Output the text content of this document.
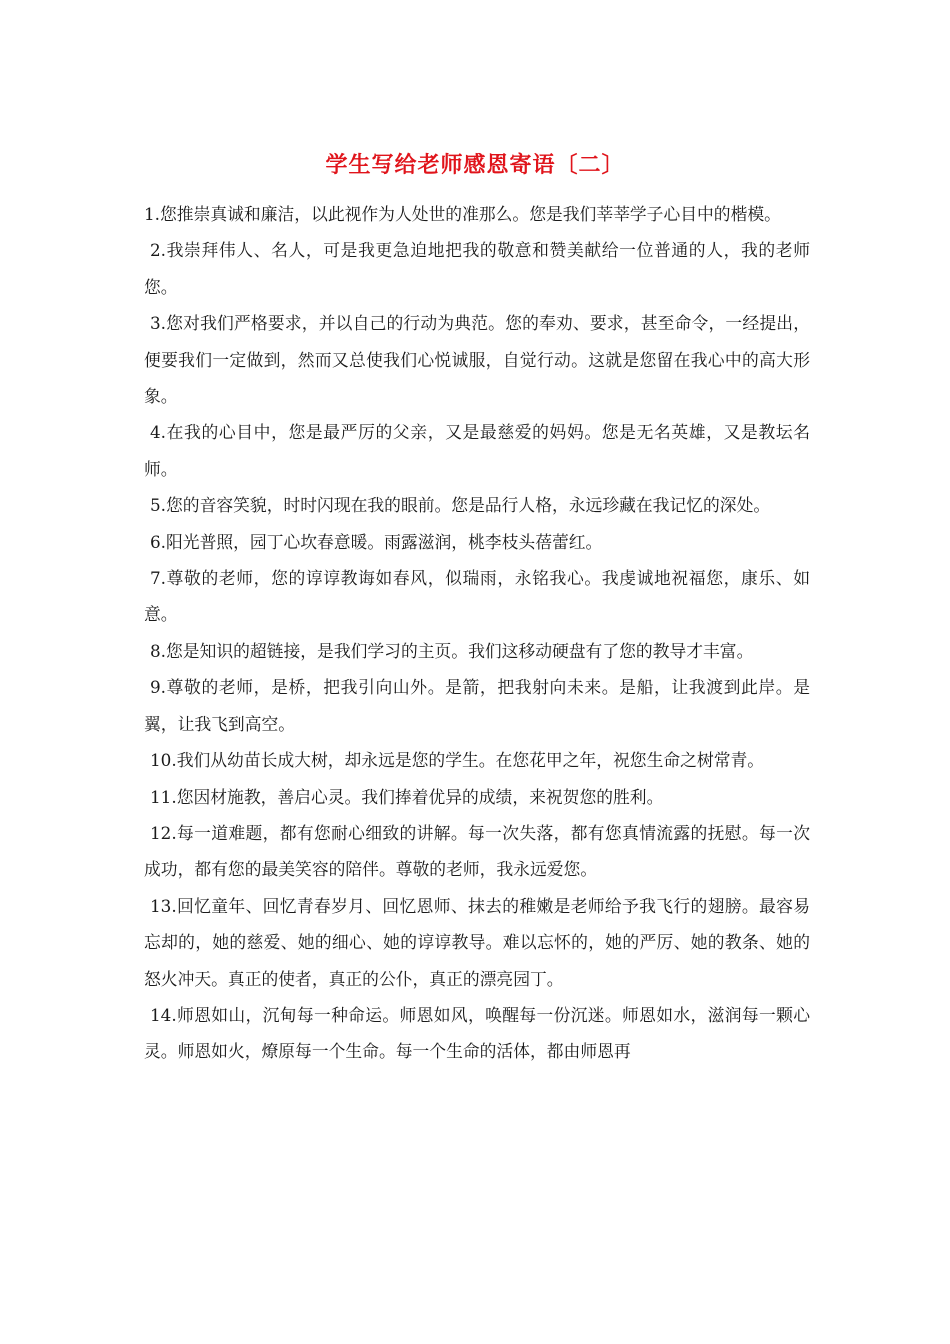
学生写给老师感恩寄语〔二〕

1.您推崇真诚和廉洁，以此视作为人处世的准那么。您是我们莘莘学子心目中的楷模。

2.我崇拜伟人、名人，可是我更急迫地把我的敬意和赞美献给一位普通的人，我的老师您。

3.您对我们严格要求，并以自己的行动为典范。您的奉劝、要求，甚至命令，一经提出，便要我们一定做到，然而又总使我们心悦诚服，自觉行动。这就是您留在我心中的高大形象。

4.在我的心目中，您是最严厉的父亲，又是最慈爱的妈妈。您是无名英雄，又是教坛名师。

5.您的音容笑貌，时时闪现在我的眼前。您是品行人格，永远珍藏在我记忆的深处。

6.阳光普照，园丁心坎春意暖。雨露滋润，桃李枝头蓓蕾红。

7.尊敬的老师，您的谆谆教诲如春风，似瑞雨，永铭我心。我虔诚地祝福您，康乐、如意。

8.您是知识的超链接，是我们学习的主页。我们这移动硬盘有了您的教导才丰富。

9.尊敬的老师，是桥，把我引向山外。是箭，把我射向未来。是船，让我渡到此岸。是翼，让我飞到高空。

10.我们从幼苗长成大树，却永远是您的学生。在您花甲之年，祝您生命之树常青。

11.您因材施教，善启心灵。我们捧着优异的成绩，来祝贺您的胜利。

12.每一道难题，都有您耐心细致的讲解。每一次失落，都有您真情流露的抚慰。每一次成功，都有您的最美笑容的陪伴。尊敬的老师，我永远爱您。

13.回忆童年、回忆青春岁月、回忆恩师、抹去的稚嫩是老师给予我飞行的翅膀。最容易忘却的，她的慈爱、她的细心、她的谆谆教导。难以忘怀的，她的严厉、她的教条、她的怒火冲天。真正的使者，真正的公仆，真正的漂亮园丁。

14.师恩如山，沉甸每一种命运。师恩如风，唤醒每一份沉迷。师恩如水，滋润每一颗心灵。师恩如火，燎原每一个生命。每一个生命的活体，都由师恩再
